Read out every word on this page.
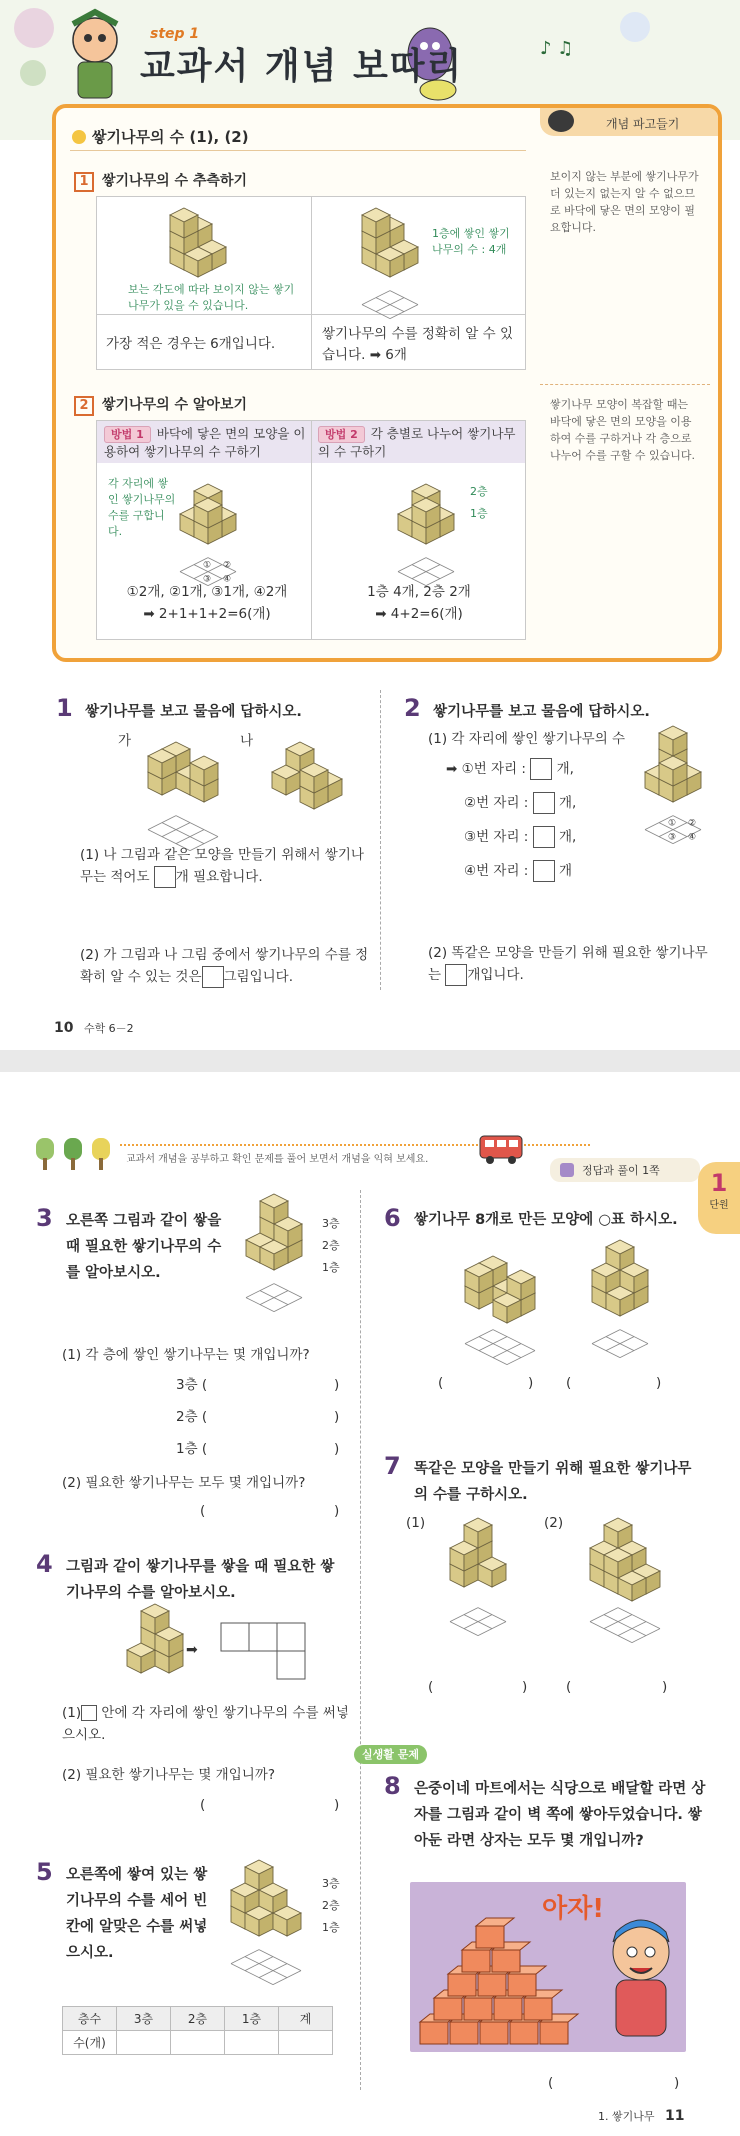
step 1
교과서 개념 보따리	♪ ♫
개념 파고들기
쌓기나무의 수 (1), (2)
1 쌓기나무의 수 추측하기
보는 각도에 따라 보이지 않는 쌓기나무가 있을 수 있습니다.
1층에 쌓인 쌓기나무의 수 : 4개
가장 적은 경우는 6개입니다.
쌓기나무의 수를 정확히 알 수 있습니다. ➡ 6개
2 쌓기나무의 수 알아보기
방법 1 바닥에 닿은 면의 모양을 이용하여 쌓기나무의 수 구하기
방법 2 각 층별로 나누어 쌓기나무의 수 구하기
각 자리에 쌓인 쌓기나무의 수를 구합니다.
① ②
③ ④
2층
1층
①2개, ②1개, ③1개, ④2개
➡ 2+1+1+2=6(개)
1층 4개, 2층 2개
➡ 4+2=6(개)
보이지 않는 부분에 쌓기나무가 더 있는지 없는지 알 수 없으므로 바닥에 닿은 면의 모양이 필요합니다.
쌓기나무 모양이 복잡할 때는 바닥에 닿은 면의 모양을 이용하여 수를 구하거나 각 층으로 나누어 수를 구할 수 있습니다.
1 쌓기나무를 보고 물음에 답하시오.
가	나
(1) 나 그림과 같은 모양을 만들기 위해서 쌓기나무는 적어도 개 필요합니다.
(2) 가 그림과 나 그림 중에서 쌓기나무의 수를 정확히 알 수 있는 것은 그림입니다.
2 쌓기나무를 보고 물음에 답하시오.
(1) 각 자리에 쌓인 쌓기나무의 수
➡ ①번 자리 : 개,
②번 자리 : 개,
③번 자리 : 개,
④번 자리 : 개
① ②
③ ④
(2) 똑같은 모양을 만들기 위해 필요한 쌓기나무는 개입니다.
10 수학 6－2
교과서 개념을 공부하고 확인 문제를 풀어 보면서 개념을 익혀 보세요.
정답과 풀이 1쪽	1
단원
3 오른쪽 그림과 같이 쌓을 때 필요한 쌓기나무의 수를 알아보시오.
3층
2층
1층
(1) 각 층에 쌓인 쌓기나무는 몇 개입니까?
3층 (	)
2층 (	)
1층 (	)
(2) 필요한 쌓기나무는 모두 몇 개입니까?
(	)
4 그림과 같이 쌓기나무를 쌓을 때 필요한 쌓기나무의 수를 알아보시오.
➡
(1) 안에 각 자리에 쌓인 쌓기나무의 수를 써넣으시오.
(2) 필요한 쌓기나무는 몇 개입니까?
(	)
5 오른쪽에 쌓여 있는 쌓기나무의 수를 세어 빈칸에 알맞은 수를 써넣으시오.
3층
2층
1층
층수	3층	2층	1층	계
수(개)				
6 쌓기나무 8개로 만든 모양에 ○표 하시오.
(	) (	)
7 똑같은 모양을 만들기 위해 필요한 쌓기나무의 수를 구하시오.
(1)	(2)
(	)	(	)
실생활 문제
8 은중이네 마트에서는 식당으로 배달할 라면 상자를 그림과 같이 벽 쪽에 쌓아두었습니다. 쌓아둔 라면 상자는 모두 몇 개입니까?
아자!
(	)
1. 쌓기나무 11
